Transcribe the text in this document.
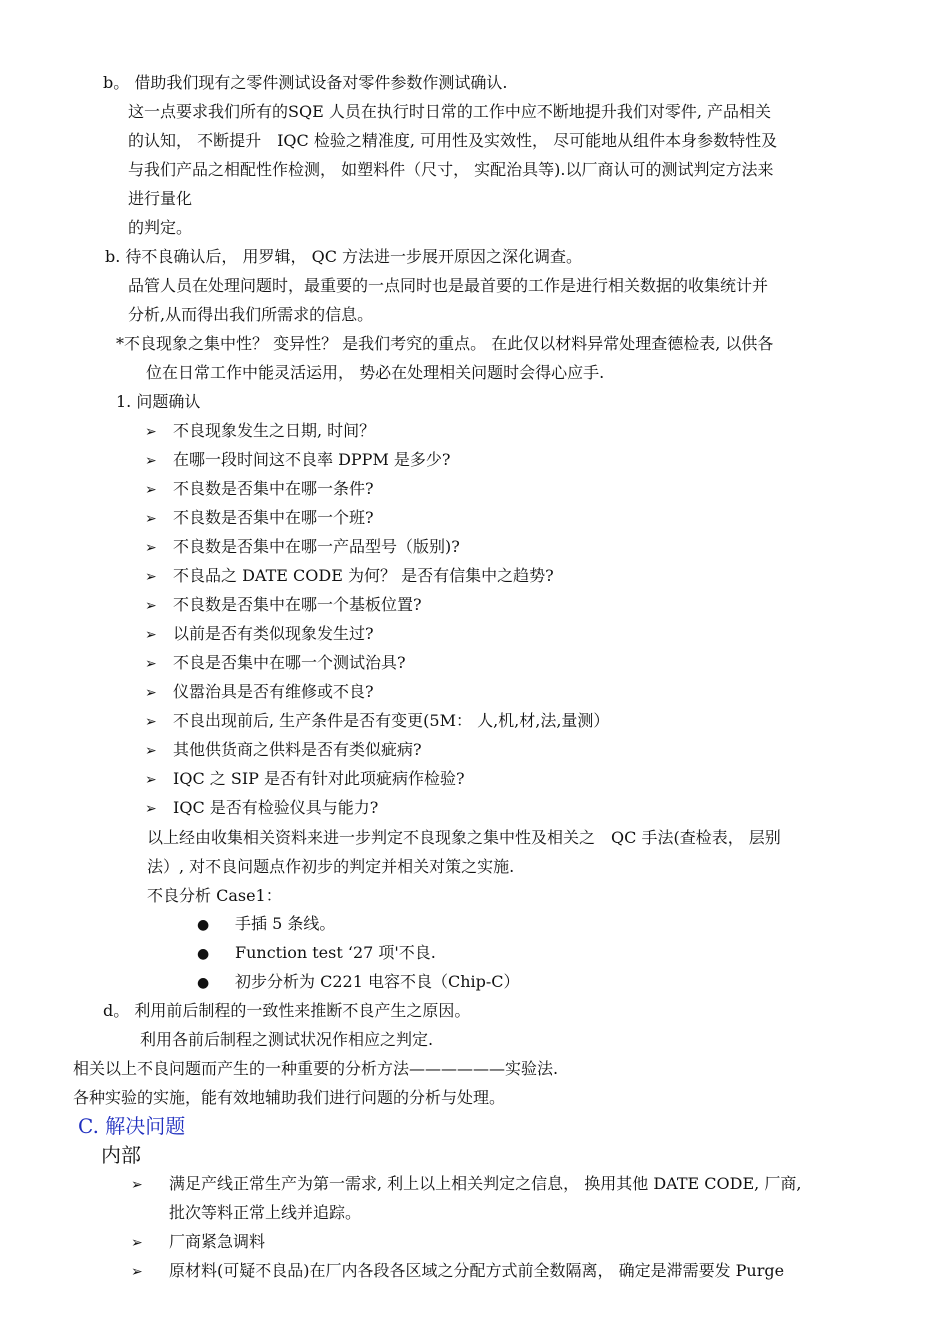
b。 借助我们现有之零件测试设备对零件参数作测试确认.
这一点要求我们所有的SQE 人员在执行时日常的工作中应不断地提升我们对零件, 产品相关
的认知， 不断提升　IQC 检验之精准度, 可用性及实效性， 尽可能地从组件本身参数特性及
与我们产品之相配性作检测， 如塑料件（尺寸， 实配治具等).以厂商认可的测试判定方法来
进行量化
的判定。
b. 待不良确认后， 用罗辑， QC 方法进一步展开原因之深化调查。
品管人员在处理问题时，最重要的一点同时也是最首要的工作是进行相关数据的收集统计并
分析,从而得出我们所需求的信息。
*不良现象之集中性？ 变异性？ 是我们考究的重点。 在此仅以材料异常处理查德检表, 以供各
位在日常工作中能灵活运用， 势必在处理相关问题时会得心应手.
1. 问题确认
➢ 不良现象发生之日期, 时间？
➢ 在哪一段时间这不良率 DPPM 是多少?
➢ 不良数是否集中在哪一条件?
➢ 不良数是否集中在哪一个班?
➢ 不良数是否集中在哪一产品型号（版别)?
➢ 不良品之 DATE CODE 为何？ 是否有信集中之趋势?
➢ 不良数是否集中在哪一个基板位置?
➢ 以前是否有类似现象发生过?
➢ 不良是否集中在哪一个测试治具?
➢ 仪嚣治具是否有维修或不良?
➢ 不良出现前后, 生产条件是否有变更(5M： 人,机,材,法,量测）
➢ 其他供货商之供料是否有类似疵病?
➢ IQC 之 SIP 是否有针对此项疵病作检验?
➢ IQC 是否有检验仪具与能力?
以上经由收集相关资料来进一步判定不良现象之集中性及相关之　QC 手法(查检表， 层别
法）, 对不良问题点作初步的判定并相关对策之实施.
不良分析 Case1：
● 手插 5 条线。
● Function test ‘27 项'不良.
● 初步分析为 C221 电容不良（Chip-C）
d。 利用前后制程的一致性来推断不良产生之原因。
利用各前后制程之测试状况作相应之判定.
相关以上不良问题而产生的一种重要的分析方法——————实验法.
各种实验的实施，能有效地辅助我们进行问题的分析与处理。
C. 解决问题
内部
➢ 满足产线正常生产为第一需求, 利上以上相关判定之信息， 换用其他 DATE CODE, 厂商,
批次等料正常上线并追踪。
➢ 厂商紧急调料
➢ 原材料(可疑不良品)在厂内各段各区域之分配方式前全数隔离， 确定是滞需要发 Purge
